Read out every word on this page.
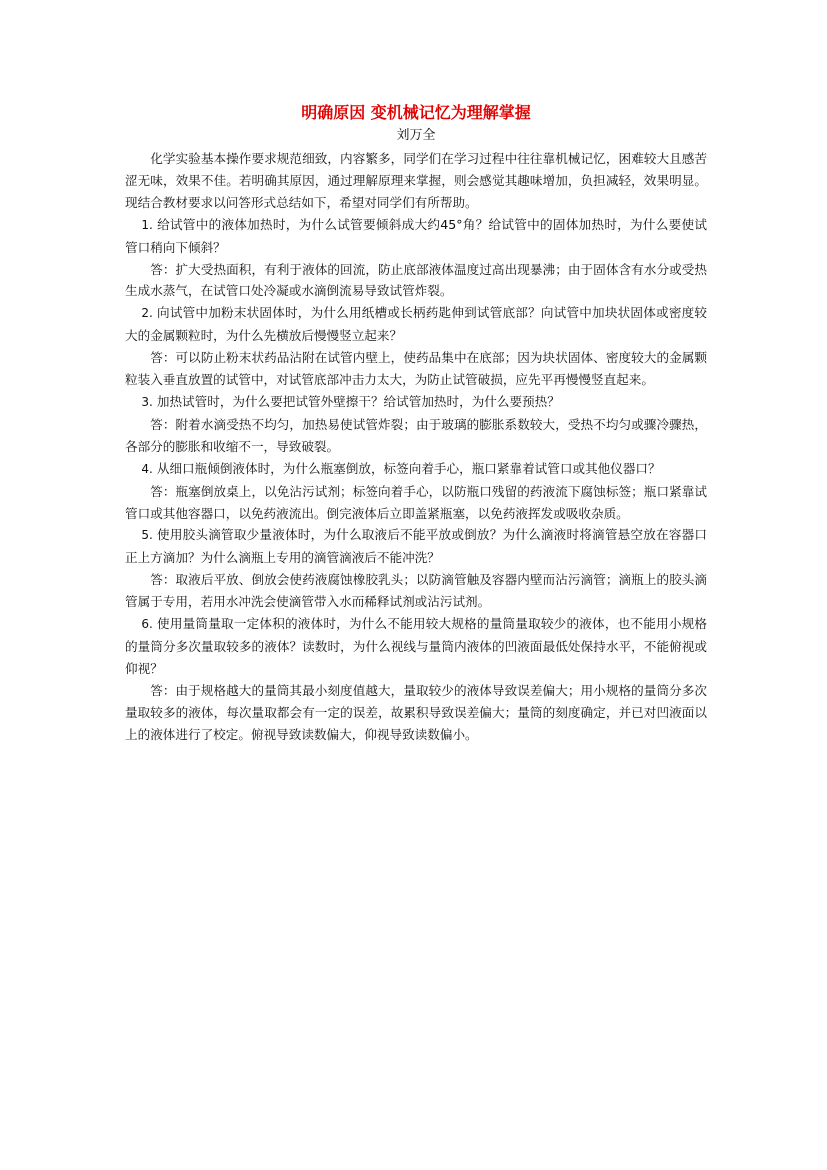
明确原因 变机械记忆为理解掌握
刘万全

化学实验基本操作要求规范细致，内容繁多，同学们在学习过程中往往靠机械记忆，困难较大且感苦涩无味，效果不佳。若明确其原因，通过理解原理来掌握，则会感觉其趣味增加，负担减轻，效果明显。现结合教材要求以问答形式总结如下，希望对同学们有所帮助。

1. 给试管中的液体加热时，为什么试管要倾斜成大约45°角？给试管中的固体加热时，为什么要使试管口稍向下倾斜？

答：扩大受热面积，有利于液体的回流，防止底部液体温度过高出现暴沸；由于固体含有水分或受热生成水蒸气，在试管口处冷凝或水滴倒流易导致试管炸裂。

2. 向试管中加粉末状固体时，为什么用纸槽或长柄药匙伸到试管底部？向试管中加块状固体或密度较大的金属颗粒时，为什么先横放后慢慢竖立起来？

答：可以防止粉末状药品沾附在试管内壁上，使药品集中在底部；因为块状固体、密度较大的金属颗粒装入垂直放置的试管中，对试管底部冲击力太大，为防止试管破损，应先平再慢慢竖直起来。

3. 加热试管时，为什么要把试管外壁擦干？给试管加热时，为什么要预热？

答：附着水滴受热不均匀，加热易使试管炸裂；由于玻璃的膨胀系数较大，受热不均匀或骤冷骤热，各部分的膨胀和收缩不一，导致破裂。

4. 从细口瓶倾倒液体时，为什么瓶塞倒放，标签向着手心，瓶口紧靠着试管口或其他仪器口？

答：瓶塞倒放桌上，以免沾污试剂；标签向着手心，以防瓶口残留的药液流下腐蚀标签；瓶口紧靠试管口或其他容器口，以免药液流出。倒完液体后立即盖紧瓶塞，以免药液挥发或吸收杂质。

5. 使用胶头滴管取少量液体时，为什么取液后不能平放或倒放？为什么滴液时将滴管悬空放在容器口正上方滴加？为什么滴瓶上专用的滴管滴液后不能冲洗？

答：取液后平放、倒放会使药液腐蚀橡胶乳头；以防滴管触及容器内壁而沾污滴管；滴瓶上的胶头滴管属于专用，若用水冲洗会使滴管带入水而稀释试剂或沾污试剂。

6. 使用量筒量取一定体积的液体时，为什么不能用较大规格的量筒量取较少的液体，也不能用小规格的量筒分多次量取较多的液体？读数时，为什么视线与量筒内液体的凹液面最低处保持水平，不能俯视或仰视？

答：由于规格越大的量筒其最小刻度值越大，量取较少的液体导致误差偏大；用小规格的量筒分多次量取较多的液体，每次量取都会有一定的误差，故累积导致误差偏大；量筒的刻度确定，并已对凹液面以上的液体进行了校定。俯视导致读数偏大，仰视导致读数偏小。
